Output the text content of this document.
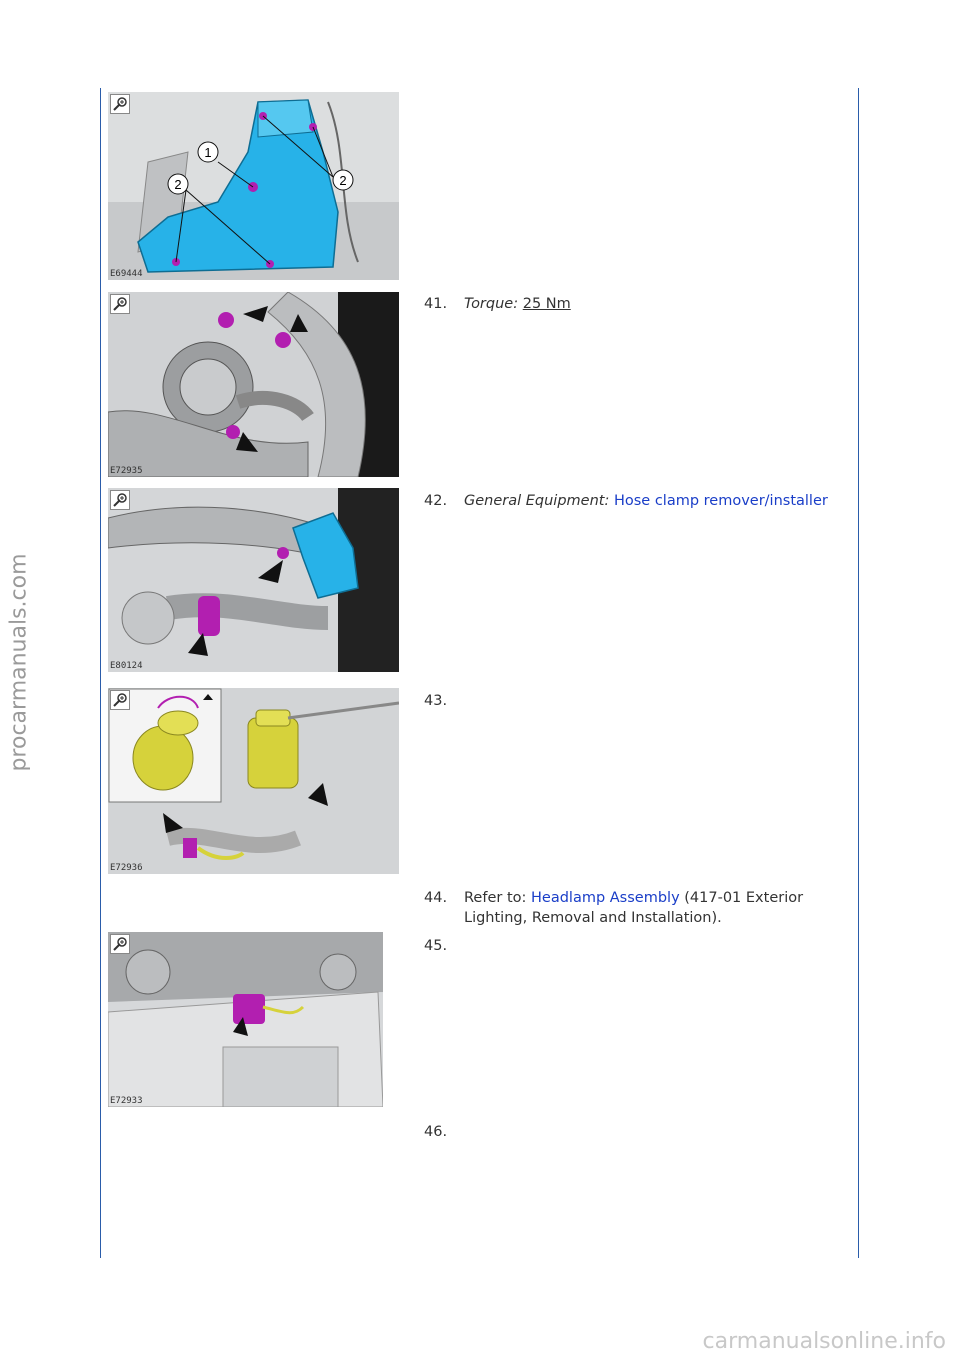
procarmanuals.com
carmanualsonline.info
1
2	2
E69444
41. Torque: 25 Nm
E72935
42. General Equipment: Hose clamp remover/installer
E80124
43.
E72936
44. Refer to: Headlamp Assembly (417-01 Exterior Lighting, Removal and Installation).
45.
E72933
46.
